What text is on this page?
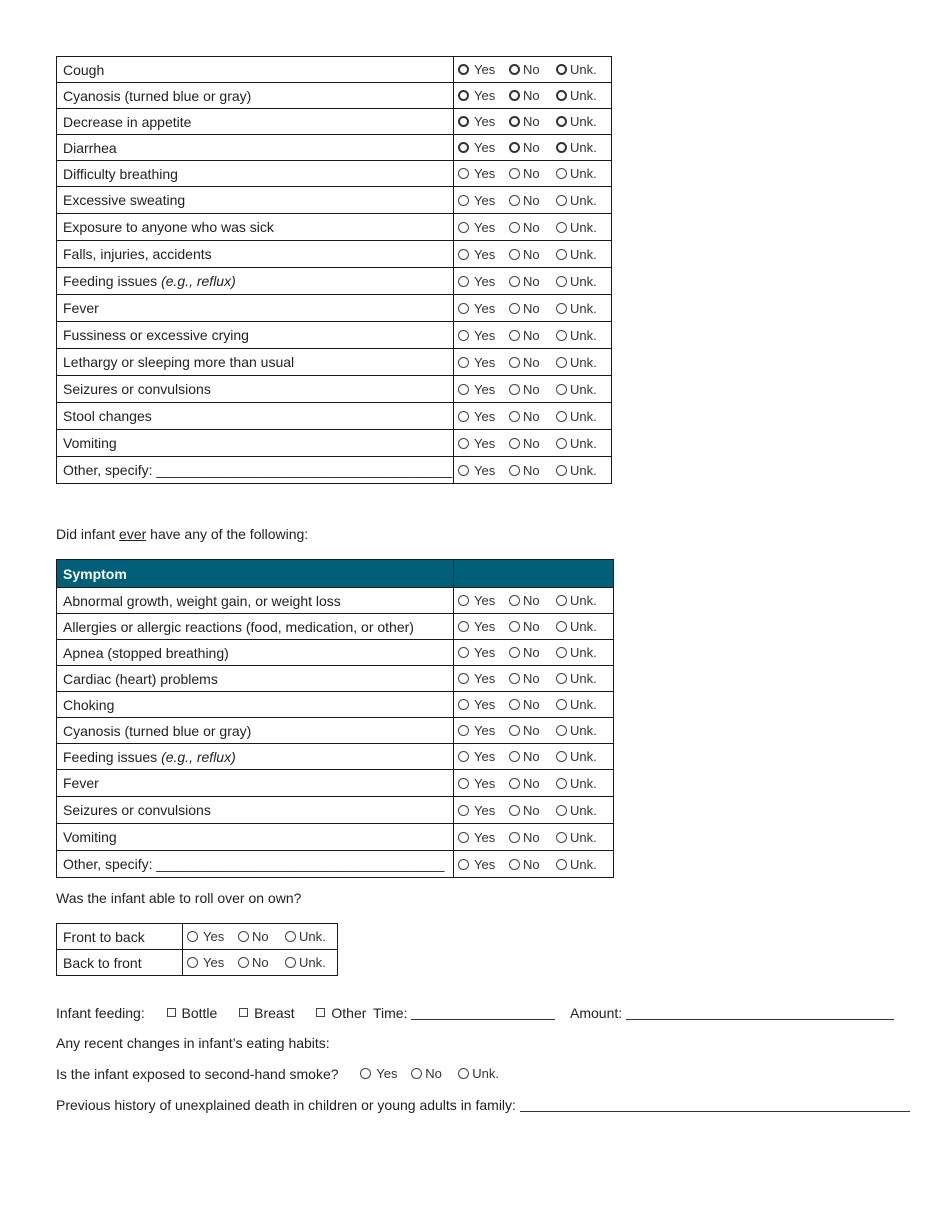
Cough	Yes No Unk.

Cyanosis (turned blue or gray)	Yes No Unk.

Decrease in appetite	Yes No Unk.

Diarrhea	Yes No Unk.

Difficulty breathing	Yes No Unk.

Excessive sweating	Yes No Unk.

Exposure to anyone who was sick	Yes No Unk.

Falls, injuries, accidents	Yes No Unk.

Feeding issues (e.g., reflux)	Yes No Unk.

Fever	Yes No Unk.

Fussiness or excessive crying	Yes No Unk.

Lethargy or sleeping more than usual	Yes No Unk.

Seizures or convulsions	Yes No Unk.

Stool changes	Yes No Unk.

Vomiting	Yes No Unk.

Other, specify: ______________________________________	Yes No Unk.
Did infant ever have any of the following:
Symptom	
Abnormal growth, weight gain, or weight loss	Yes No Unk.

Allergies or allergic reactions (food, medication, or other)	Yes No Unk.

Apnea (stopped breathing)	Yes No Unk.

Cardiac (heart) problems	Yes No Unk.

Choking	Yes No Unk.

Cyanosis (turned blue or gray)	Yes No Unk.

Feeding issues (e.g., reflux)	Yes No Unk.

Fever	Yes No Unk.

Seizures or convulsions	Yes No Unk.

Vomiting	Yes No Unk.

Other, specify: _____________________________________	Yes No Unk.
Was the infant able to roll over on own?
Front to back	Yes No Unk.

Back to front	Yes No Unk.
Infant feeding:	Bottle	Breast	Other Time:	Amount:
Any recent changes in infant’s eating habits:
Is the infant exposed to second-hand smoke?	Yes No Unk.
Previous history of unexplained death in children or young adults in family:
